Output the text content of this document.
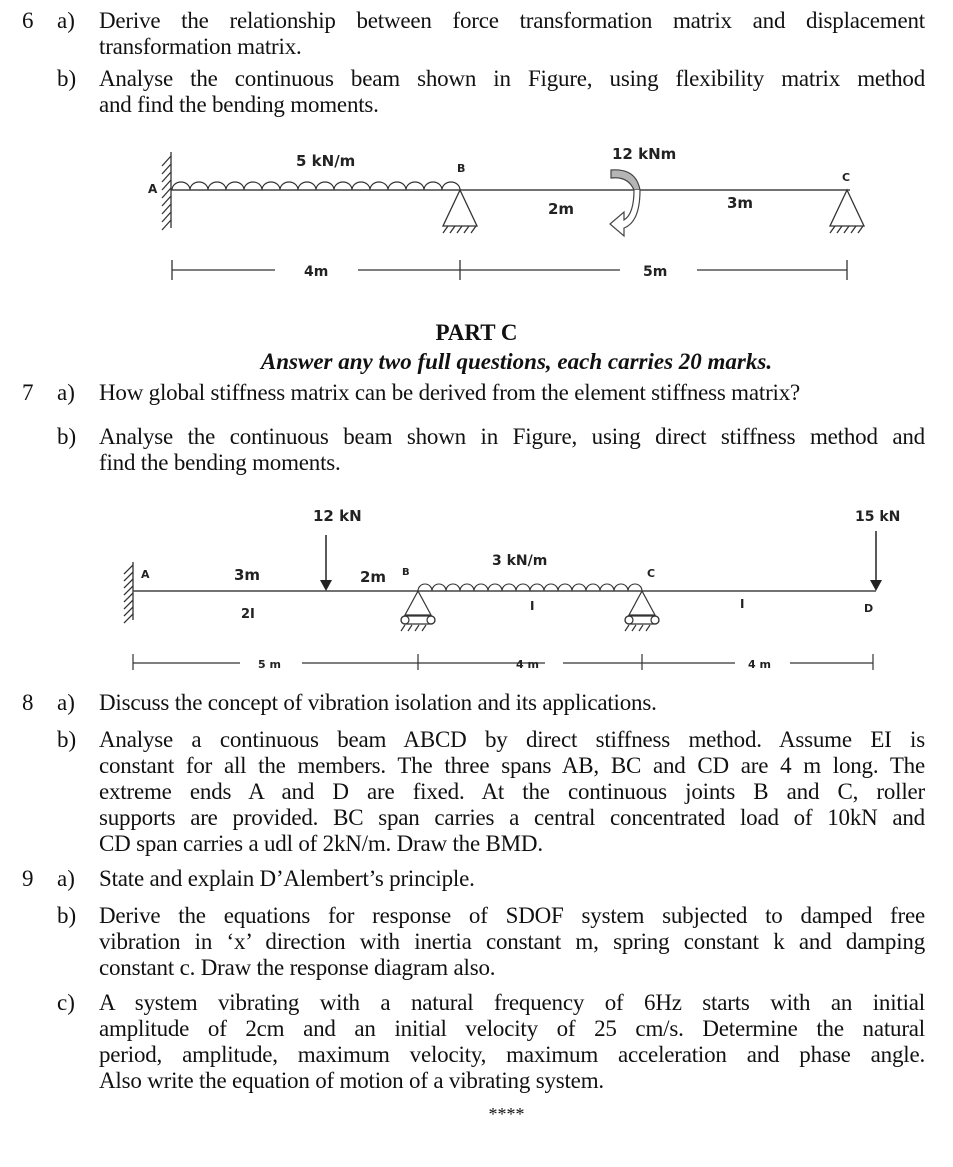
6 a) Derive the relationship between force transformation matrix and displacement
transformation matrix.
b) Analyse the continuous beam shown in Figure, using flexibility matrix method
and find the bending moments.
A
5 kN/m	B
2m
12 kNm
3m
C
4m	5m
PART C
Answer any two full questions, each carries 20 marks.
7 a) How global stiffness matrix can be derived from the element stiffness matrix?
b) Analyse the continuous beam shown in Figure, using direct stiffness method and
find the bending moments.
A	3m
2I
12 kN
2m B
3 kN/m
I
C
I
15 kN
D
5 m	4 m	4 m
8 a) Discuss the concept of vibration isolation and its applications.
b) Analyse a continuous beam ABCD by direct stiffness method. Assume EI is
constant for all the members. The three spans AB, BC and CD are 4 m long. The
extreme ends A and D are fixed. At the continuous joints B and C, roller
supports are provided. BC span carries a central concentrated load of 10kN and
CD span carries a udl of 2kN/m. Draw the BMD.
9 a) State and explain D’Alembert’s principle.
b) Derive the equations for response of SDOF system subjected to damped free
vibration in ‘x’ direction with inertia constant m, spring constant k and damping
constant c. Draw the response diagram also.
c) A system vibrating with a natural frequency of 6Hz starts with an initial
amplitude of 2cm and an initial velocity of 25 cm/s. Determine the natural
period, amplitude, maximum velocity, maximum acceleration and phase angle.
Also write the equation of motion of a vibrating system.
****
